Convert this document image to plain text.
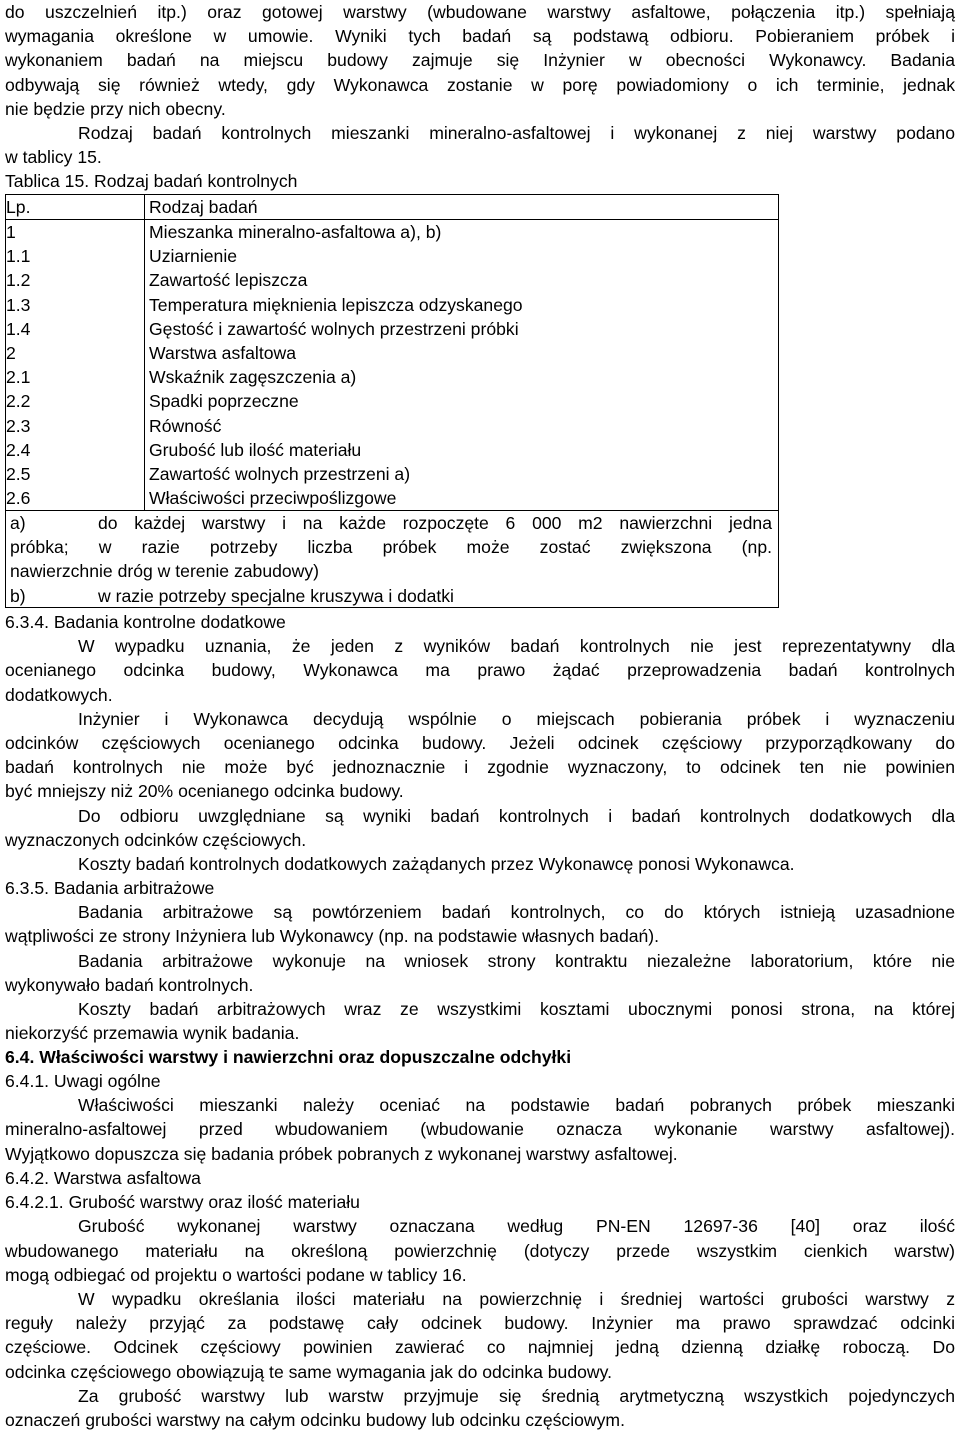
do uszczelnień itp.) oraz gotowej warstwy (wbudowane warstwy asfaltowe, połączenia itp.) spełniają
wymagania określone w umowie. Wyniki tych badań są podstawą odbioru. Pobieraniem próbek i
wykonaniem badań na miejscu budowy zajmuje się Inżynier w obecności Wykonawcy. Badania
odbywają się również wtedy, gdy Wykonawca zostanie w porę powiadomiony o ich terminie, jednak
nie będzie przy nich obecny.
Rodzaj badań kontrolnych mieszanki mineralno-asfaltowej i wykonanej z niej warstwy podano
w tablicy 15.
Tablica 15. Rodzaj badań kontrolnych
Lp.	Rodzaj badań
1	Mieszanka mineralno-asfaltowa a), b)
1.1	Uziarnienie
1.2	Zawartość lepiszcza
1.3	Temperatura mięknienia lepiszcza odzyskanego
1.4	Gęstość i zawartość wolnych przestrzeni próbki
2	Warstwa asfaltowa
2.1	Wskaźnik zagęszczenia a)
2.2	Spadki poprzeczne
2.3	Równość
2.4	Grubość lub ilość materiału
2.5	Zawartość wolnych przestrzeni a)
2.6	Właściwości przeciwpoślizgowe
a)	do każdej warstwy i na każde rozpoczęte 6 000 m2 nawierzchni jedna
próbka; w razie potrzeby liczba próbek może zostać zwiększona (np.
nawierzchnie dróg w terenie zabudowy)
b)	w razie potrzeby specjalne kruszywa i dodatki
6.3.4. Badania kontrolne dodatkowe
W wypadku uznania, że jeden z wyników badań kontrolnych nie jest reprezentatywny dla
ocenianego odcinka budowy, Wykonawca ma prawo żądać przeprowadzenia badań kontrolnych
dodatkowych.
Inżynier i Wykonawca decydują wspólnie o miejscach pobierania próbek i wyznaczeniu
odcinków częściowych ocenianego odcinka budowy. Jeżeli odcinek częściowy przyporządkowany do
badań kontrolnych nie może być jednoznacznie i zgodnie wyznaczony, to odcinek ten nie powinien
być mniejszy niż 20% ocenianego odcinka budowy.
Do odbioru uwzględniane są wyniki badań kontrolnych i badań kontrolnych dodatkowych dla
wyznaczonych odcinków częściowych.
Koszty badań kontrolnych dodatkowych zażądanych przez Wykonawcę ponosi Wykonawca.
6.3.5. Badania arbitrażowe
Badania arbitrażowe są powtórzeniem badań kontrolnych, co do których istnieją uzasadnione
wątpliwości ze strony Inżyniera lub Wykonawcy (np. na podstawie własnych badań).
Badania arbitrażowe wykonuje na wniosek strony kontraktu niezależne laboratorium, które nie
wykonywało badań kontrolnych.
Koszty badań arbitrażowych wraz ze wszystkimi kosztami ubocznymi ponosi strona, na której
niekorzyść przemawia wynik badania.
6.4. Właściwości warstwy i nawierzchni oraz dopuszczalne odchyłki
6.4.1. Uwagi ogólne
Właściwości mieszanki należy oceniać na podstawie badań pobranych próbek mieszanki
mineralno-asfaltowej przed wbudowaniem (wbudowanie oznacza wykonanie warstwy asfaltowej).
Wyjątkowo dopuszcza się badania próbek pobranych z wykonanej warstwy asfaltowej.
6.4.2. Warstwa asfaltowa
6.4.2.1. Grubość warstwy oraz ilość materiału
Grubość wykonanej warstwy oznaczana według PN-EN 12697-36 [40] oraz ilość
wbudowanego materiału na określoną powierzchnię (dotyczy przede wszystkim cienkich warstw)
mogą odbiegać od projektu o wartości podane w tablicy 16.
W wypadku określania ilości materiału na powierzchnię i średniej wartości grubości warstwy z
reguły należy przyjąć za podstawę cały odcinek budowy. Inżynier ma prawo sprawdzać odcinki
częściowe. Odcinek częściowy powinien zawierać co najmniej jedną dzienną działkę roboczą. Do
odcinka częściowego obowiązują te same wymagania jak do odcinka budowy.
Za grubość warstwy lub warstw przyjmuje się średnią arytmetyczną wszystkich pojedynczych
oznaczeń grubości warstwy na całym odcinku budowy lub odcinku częściowym.
